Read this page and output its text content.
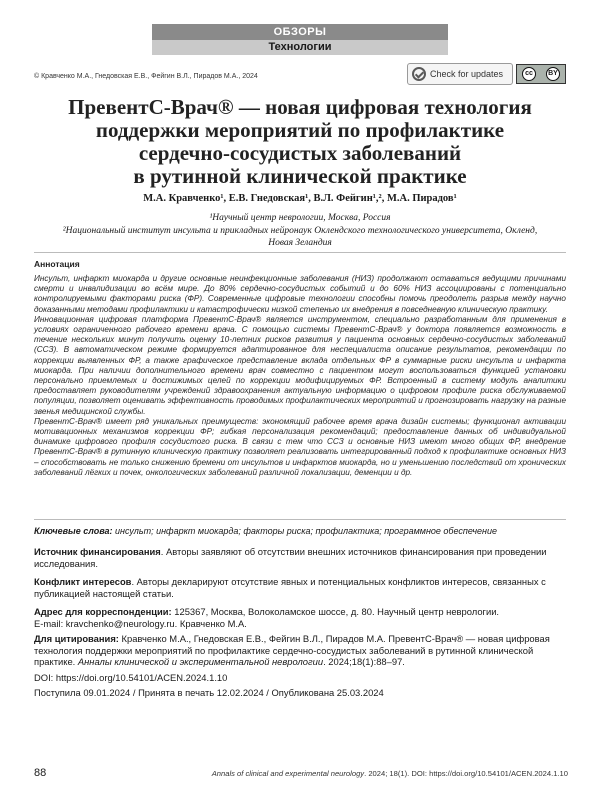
ОБЗОРЫ
Технологии
© Кравченко М.А., Гнедовская Е.В., Фейгин В.Л., Пирадов М.А., 2024	Check for updates	cc	BY
ПревентС-Врач® — новая цифровая технология
поддержки мероприятий по профилактике
сердечно-сосудистых заболеваний
в рутинной клинической практике
М.А. Кравченко¹, Е.В. Гнедовская¹, В.Л. Фейгин¹,², М.А. Пирадов¹
¹Научный центр неврологии, Москва, Россия
²Национальный институт инсульта и прикладных нейронаук Оклендского технологического университета, Окленд, Новая Зеландия
Аннотация

Инсульт, инфаркт миокарда и другие основные неинфекционные заболевания (НИЗ) продолжают оставаться ведущими причинами смерти и инвалидизации во всём мире. До 80% сердечно-сосудистых событий и до 60% НИЗ ассоциированы с потенциально контролируемыми факторами риска (ФР). Современные цифровые технологии способны помочь преодолеть разрыв между научно доказанными методами профилактики и катастрофически низкой степенью их внедрения в повседневную клиническую практику.

Инновационная цифровая платформа ПревентС-Врач® является инструментом, специально разработанным для применения в условиях ограниченного рабочего времени врача. С помощью системы ПревентС-Врач® у доктора появляется возможность в течение нескольких минут получить оценку 10-летних рисков развития у пациента основных сердечно-сосудистых заболеваний (ССЗ). В автоматическом режиме формируется адаптированное для неспециалиста описание результатов, рекомендации по коррекции выявленных ФР, а также графическое представление вклада отдельных ФР в суммарные риски инсульта и инфаркта миокарда. При наличии дополнительного времени врач совместно с пациентом могут воспользоваться функцией установки персонально приемлемых и достижимых целей по коррекции модифицируемых ФР. Встроенный в систему модуль аналитики предоставляет руководителям учреждений здравоохранения актуальную информацию о цифровом профиле риска обслуживаемой популяции, позволяет оценивать эффективность проводимых профилактических мероприятий и прогнозировать нагрузку на разные звенья медицинской службы.

ПревентС-Врач® имеет ряд уникальных преимуществ: экономящий рабочее время врача дизайн системы; функционал активации мотивационных механизмов коррекции ФР; гибкая персонализация рекомендаций; предоставление данных об индивидуальной динамике цифрового профиля сосудистого риска. В связи с тем что ССЗ и основные НИЗ имеют много общих ФР, внедрение ПревентС-Врач® в рутинную клиническую практику позволяет реализовать интегрированный подход к профилактике основных НИЗ – способствовать не только снижению бремени от инсультов и инфарктов миокарда, но и уменьшению последствий от хронических заболеваний лёгких и почек, онкологических заболеваний различной локализации, деменции и др.

Ключевые слова: инсульт; инфаркт миокарда; факторы риска; профилактика; программное обеспечение
Источник финансирования. Авторы заявляют об отсутствии внешних источников финансирования при проведении исследования.
Конфликт интересов. Авторы декларируют отсутствие явных и потенциальных конфликтов интересов, связанных с публикацией настоящей статьи.
Адрес для корреспонденции: 125367, Москва, Волоколамское шоссе, д. 80. Научный центр неврологии.
E-mail: kravchenko@neurology.ru. Кравченко М.А.
Для цитирования: Кравченко М.А., Гнедовская Е.В., Фейгин В.Л., Пирадов М.А. ПревентС-Врач® — новая цифровая технология поддержки мероприятий по профилактике сердечно-сосудистых заболеваний в рутинной клинической практике. Анналы клинической и экспериментальной неврологии. 2024;18(1):88–97.
DOI: https://doi.org/10.54101/ACEN.2024.1.10
Поступила 09.01.2024 / Принята в печать 12.02.2024 / Опубликована 25.03.2024
88	Annals of clinical and experimental neurology. 2024; 18(1). DOI: https://doi.org/10.54101/ACEN.2024.1.10
